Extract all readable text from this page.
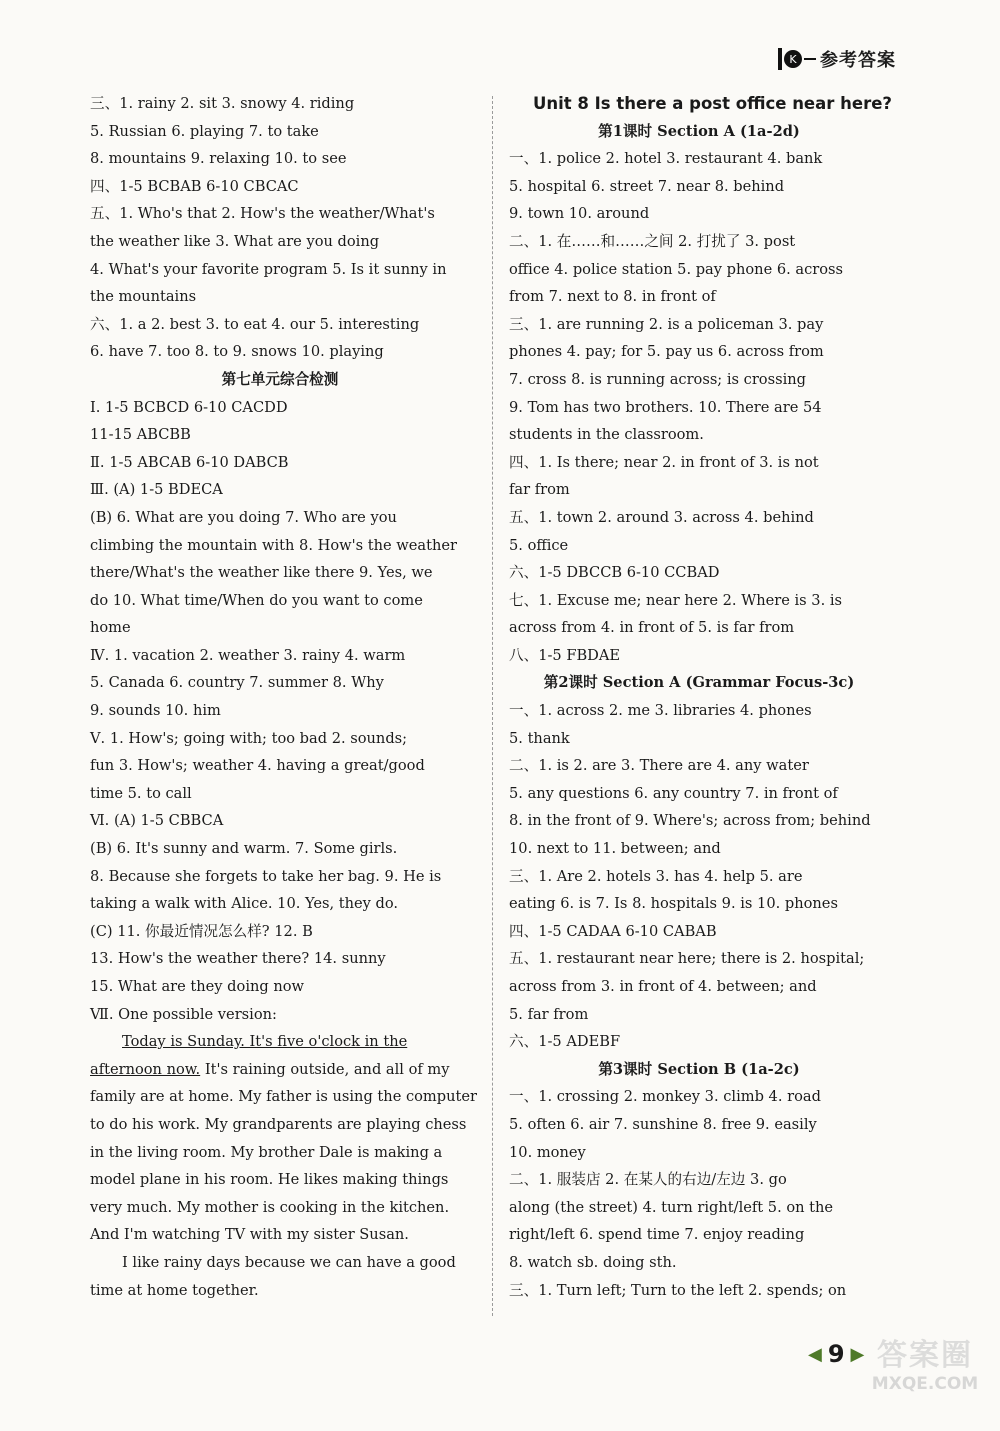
K 参考答案
三、1. rainy 2. sit 3. snowy 4. riding
5. Russian 6. playing 7. to take
8. mountains 9. relaxing 10. to see
四、1-5 BCBAB 6-10 CBCAC
五、1. Who's that 2. How's the weather/What's
the weather like 3. What are you doing
4. What's your favorite program 5. Is it sunny in
the mountains
六、1. a 2. best 3. to eat 4. our 5. interesting
6. have 7. too 8. to 9. snows 10. playing
第七单元综合检测
Ⅰ. 1-5 BCBCD 6-10 CACDD
11-15 ABCBB
Ⅱ. 1-5 ABCAB 6-10 DABCB
Ⅲ. (A) 1-5 BDECA
(B) 6. What are you doing 7. Who are you
climbing the mountain with 8. How's the weather
there/What's the weather like there 9. Yes, we
do 10. What time/When do you want to come
home
Ⅳ. 1. vacation 2. weather 3. rainy 4. warm
5. Canada 6. country 7. summer 8. Why
9. sounds 10. him
Ⅴ. 1. How's; going with; too bad 2. sounds;
fun 3. How's; weather 4. having a great/good
time 5. to call
Ⅵ. (A) 1-5 CBBCA
(B) 6. It's sunny and warm. 7. Some girls.
8. Because she forgets to take her bag. 9. He is
taking a walk with Alice. 10. Yes, they do.
(C) 11. 你最近情况怎么样? 12. B
13. How's the weather there? 14. sunny
15. What are they doing now
Ⅶ. One possible version:
Today is Sunday. It's five o'clock in the
afternoon now. It's raining outside, and all of my
family are at home. My father is using the computer
to do his work. My grandparents are playing chess
in the living room. My brother Dale is making a
model plane in his room. He likes making things
very much. My mother is cooking in the kitchen.
And I'm watching TV with my sister Susan.
I like rainy days because we can have a good
time at home together.
Unit 8 Is there a post office near here?
第1课时 Section A (1a-2d)
一、1. police 2. hotel 3. restaurant 4. bank
5. hospital 6. street 7. near 8. behind
9. town 10. around
二、1. 在……和……之间 2. 打扰了 3. post
office 4. police station 5. pay phone 6. across
from 7. next to 8. in front of
三、1. are running 2. is a policeman 3. pay
phones 4. pay; for 5. pay us 6. across from
7. cross 8. is running across; is crossing
9. Tom has two brothers. 10. There are 54
students in the classroom.
四、1. Is there; near 2. in front of 3. is not
far from
五、1. town 2. around 3. across 4. behind
5. office
六、1-5 DBCCB 6-10 CCBAD
七、1. Excuse me; near here 2. Where is 3. is
across from 4. in front of 5. is far from
八、1-5 FBDAE
第2课时 Section A (Grammar Focus-3c)
一、1. across 2. me 3. libraries 4. phones
5. thank
二、1. is 2. are 3. There are 4. any water
5. any questions 6. any country 7. in front of
8. in the front of 9. Where's; across from; behind
10. next to 11. between; and
三、1. Are 2. hotels 3. has 4. help 5. are
eating 6. is 7. Is 8. hospitals 9. is 10. phones
四、1-5 CADAA 6-10 CABAB
五、1. restaurant near here; there is 2. hospital;
across from 3. in front of 4. between; and
5. far from
六、1-5 ADEBF
第3课时 Section B (1a-2c)
一、1. crossing 2. monkey 3. climb 4. road
5. often 6. air 7. sunshine 8. free 9. easily
10. money
二、1. 服装店 2. 在某人的右边/左边 3. go
along (the street) 4. turn right/left 5. on the
right/left 6. spend time 7. enjoy reading
8. watch sb. doing sth.
三、1. Turn left; Turn to the left 2. spends; on
◀ 9 ▶ 答案圈
MXQE.COM
